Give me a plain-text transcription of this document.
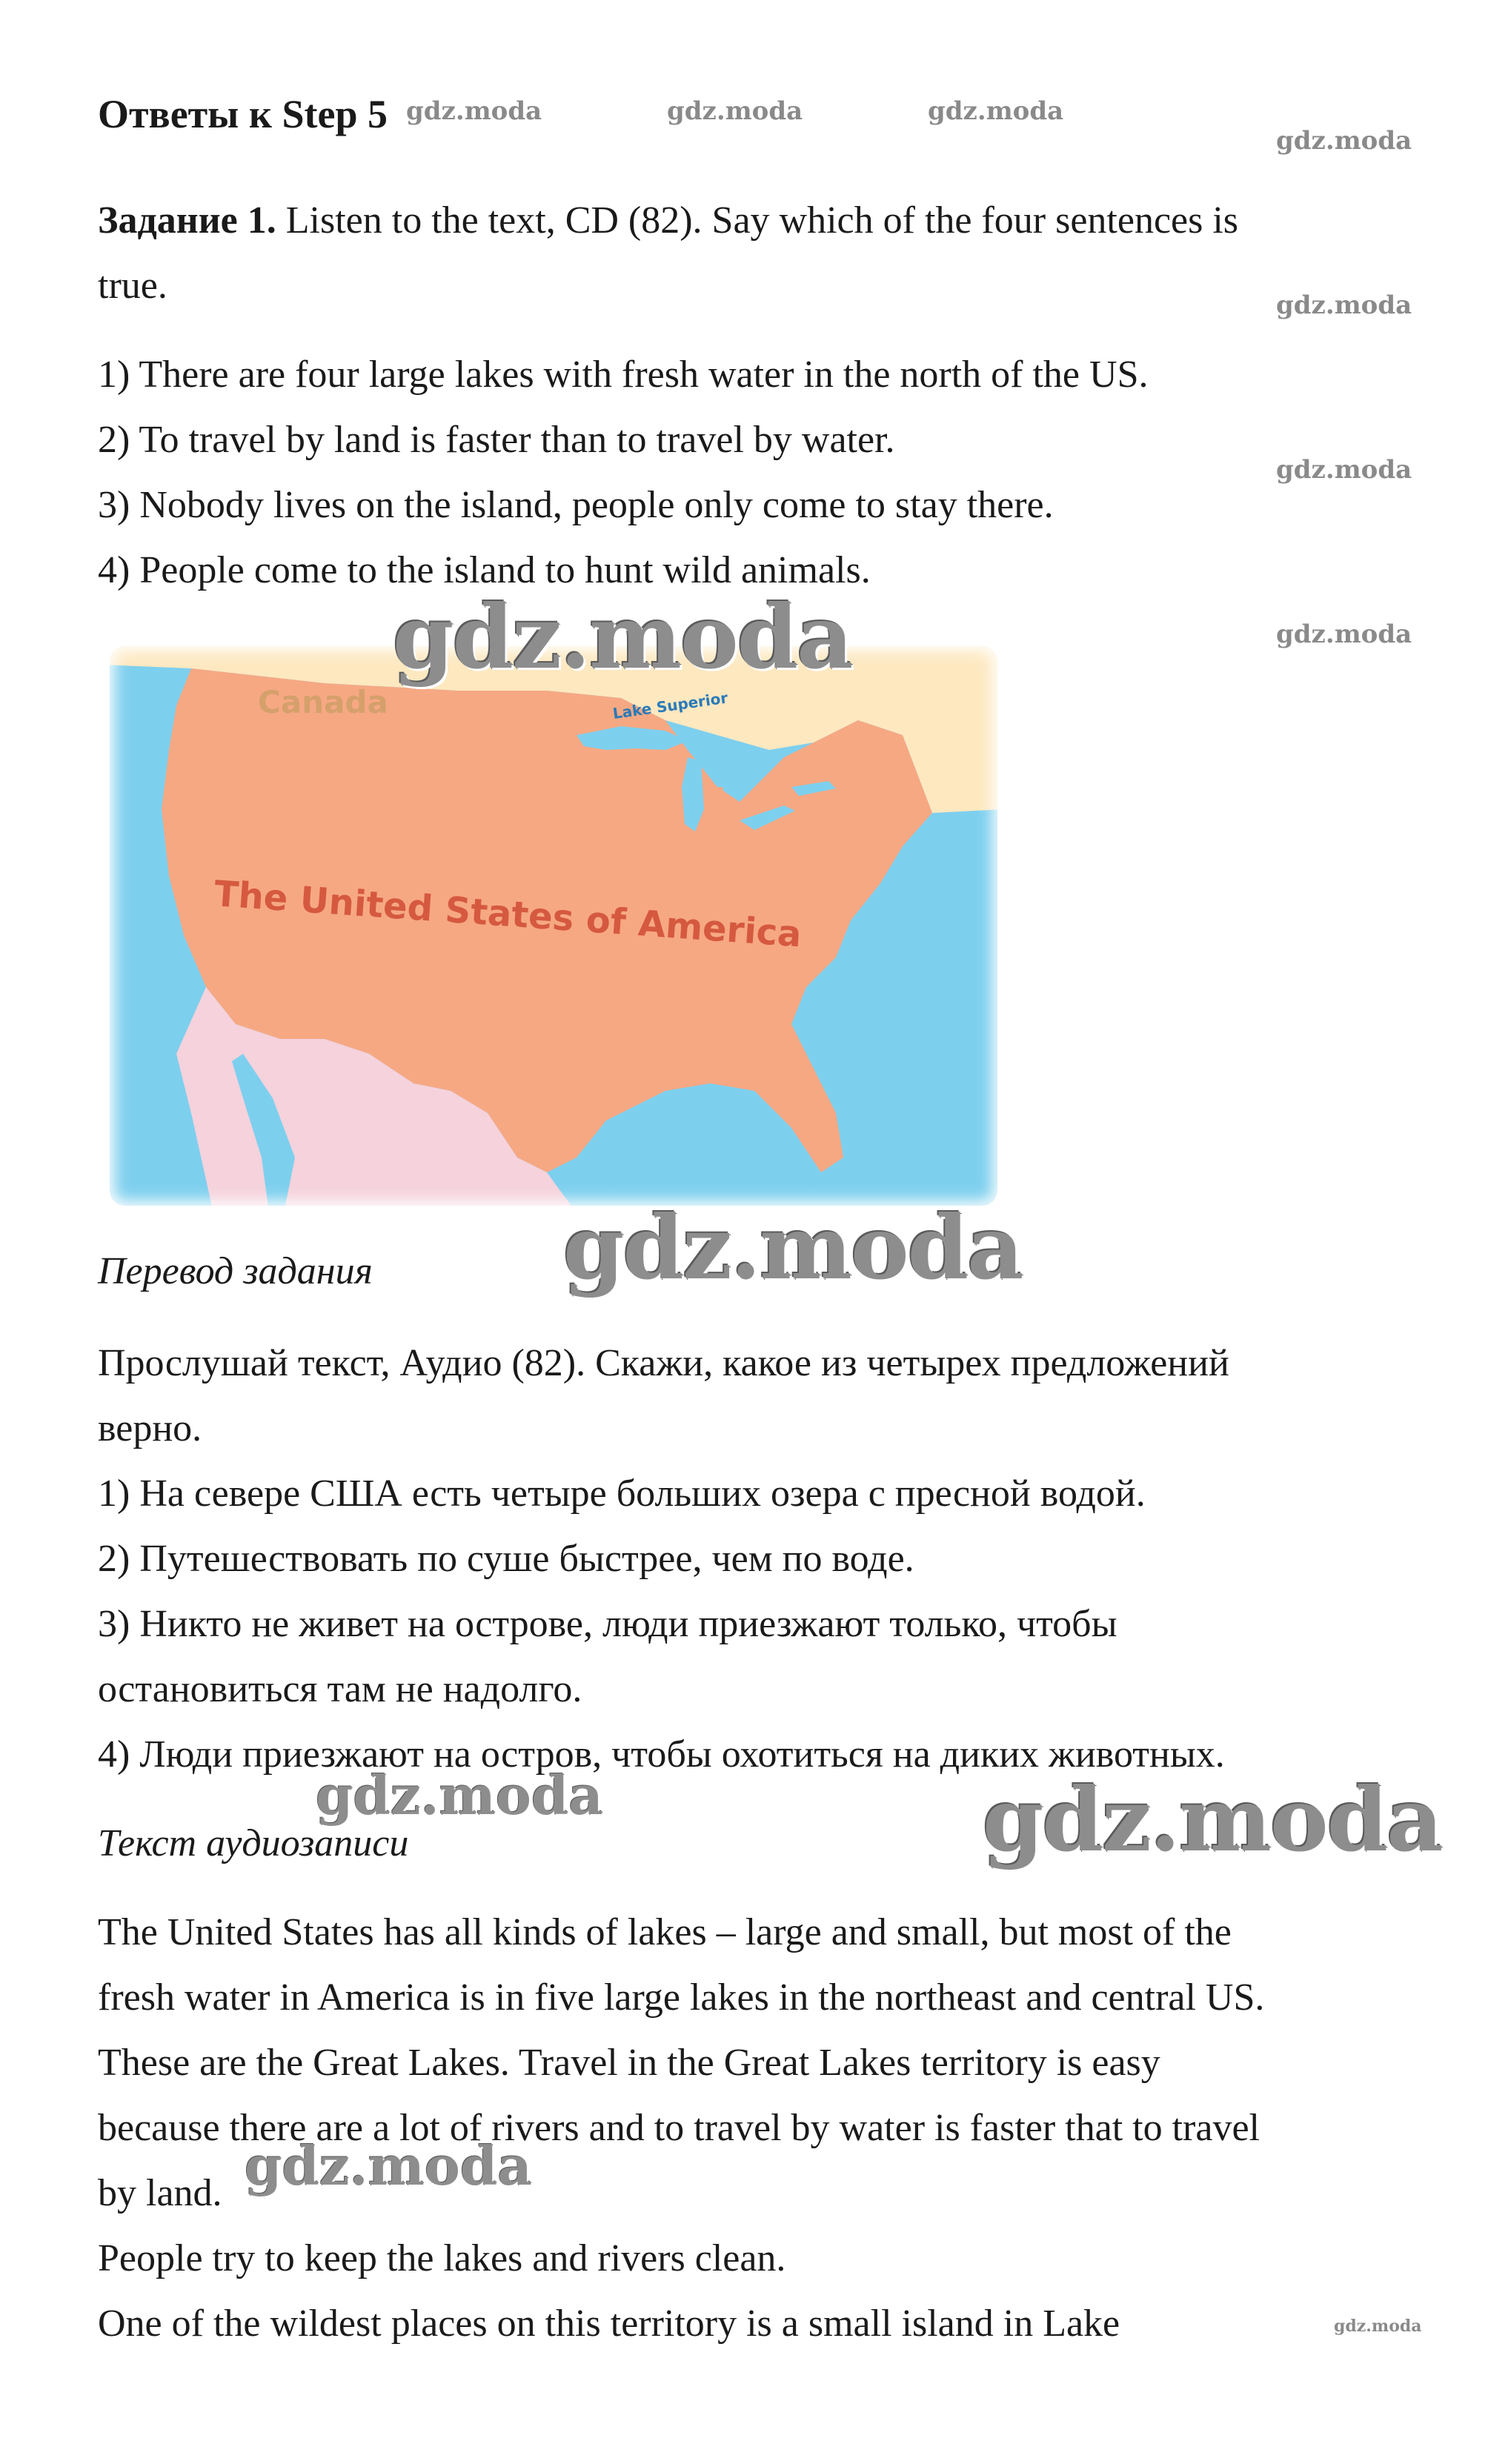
Ответы к Step 5
Задание 1. Listen to the text, CD (82). Say which of the four sentences is
true.
1) There are four large lakes with fresh water in the north of the US.
2) To travel by land is faster than to travel by water.
3) Nobody lives on the island, people only come to stay there.
4) People come to the island to hunt wild animals.
Canada	Lake Superior
The United States of America
Перевод задания
Прослушай текст, Аудио (82). Скажи, какое из четырех предложений
верно.
1) На севере США есть четыре больших озера с пресной водой.
2) Путешествовать по суше быстрее, чем по воде.
3) Никто не живет на острове, люди приезжают только, чтобы
остановиться там не надолго.
4) Люди приезжают на остров, чтобы охотиться на диких животных.
Текст аудиозаписи
The United States has all kinds of lakes – large and small, but most of the
fresh water in America is in five large lakes in the northeast and central US.
These are the Great Lakes. Travel in the Great Lakes territory is easy
because there are a lot of rivers and to travel by water is faster that to travel
by land.
People try to keep the lakes and rivers clean.
One of the wildest places on this territory is a small island in Lake
gdz.moda	gdz.moda	gdz.moda
gdz.moda
gdz.moda
gdz.moda
gdz.moda
gdz.moda
gdz.moda
gdz.moda	gdz.moda
gdz.moda
gdz.moda
